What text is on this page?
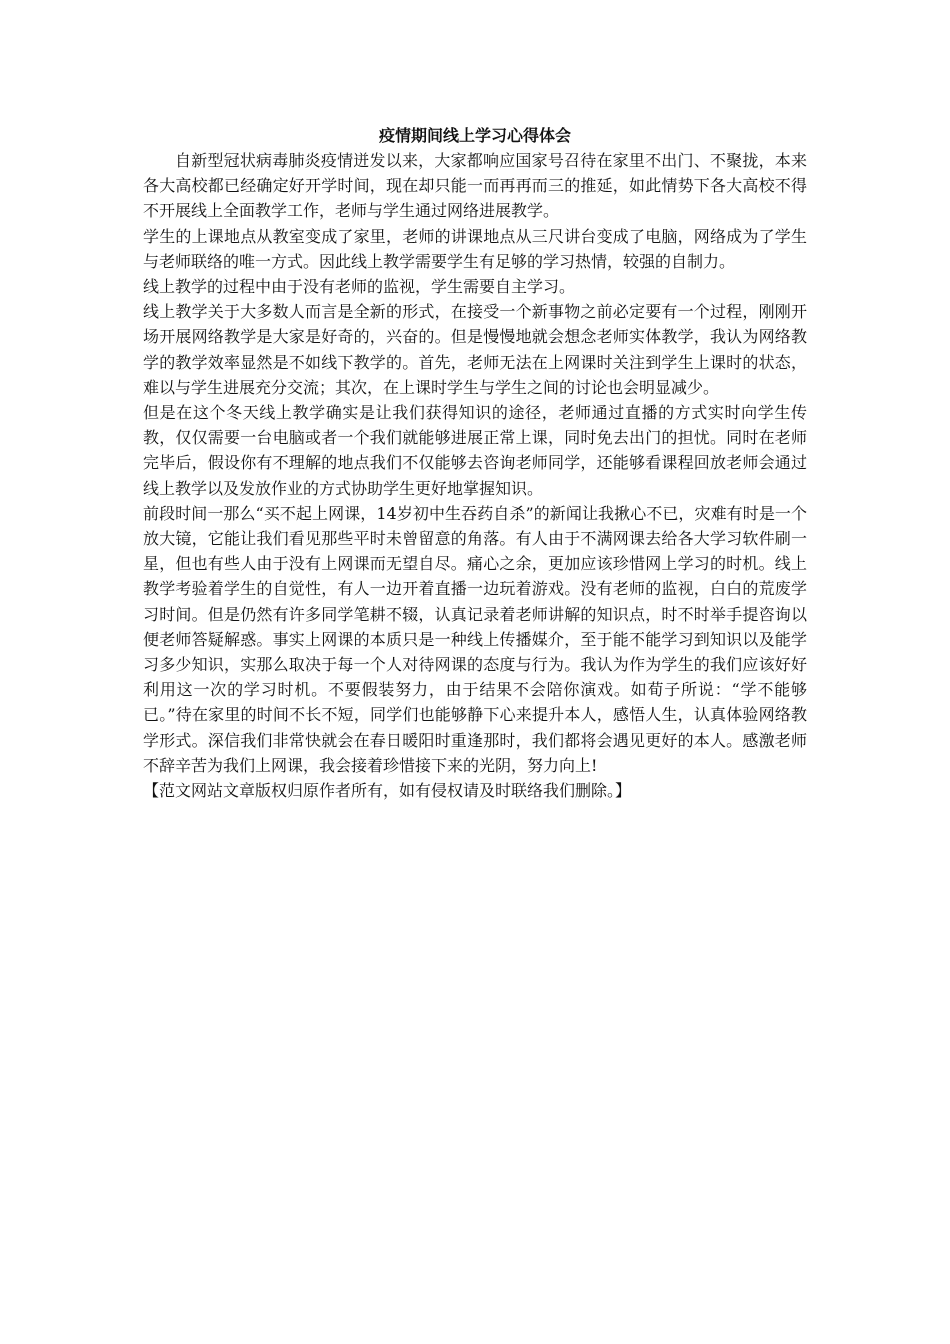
疫情期间线上学习心得体会

自新型冠状病毒肺炎疫情迸发以来，大家都响应国家号召待在家里不出门、不聚拢，本来各大高校都已经确定好开学时间，现在却只能一而再再而三的推延，如此情势下各大高校不得不开展线上全面教学工作，老师与学生通过网络进展教学。

学生的上课地点从教室变成了家里，老师的讲课地点从三尺讲台变成了电脑，网络成为了学生与老师联络的唯一方式。因此线上教学需要学生有足够的学习热情，较强的自制力。

线上教学的过程中由于没有老师的监视，学生需要自主学习。

线上教学关于大多数人而言是全新的形式，在接受一个新事物之前必定要有一个过程，刚刚开场开展网络教学是大家是好奇的，兴奋的。但是慢慢地就会想念老师实体教学，我认为网络教学的教学效率显然是不如线下教学的。首先，老师无法在上网课时关注到学生上课时的状态，难以与学生进展充分交流；其次，在上课时学生与学生之间的讨论也会明显减少。

但是在这个冬天线上教学确实是让我们获得知识的途径，老师通过直播的方式实时向学生传教，仅仅需要一台电脑或者一个我们就能够进展正常上课，同时免去出门的担忧。同时在老师完毕后，假设你有不理解的地点我们不仅能够去咨询老师同学，还能够看课程回放老师会通过线上教学以及发放作业的方式协助学生更好地掌握知识。

前段时间一那么“买不起上网课，14岁初中生吞药自杀”的新闻让我揪心不已，灾难有时是一个放大镜，它能让我们看见那些平时未曾留意的角落。有人由于不满网课去给各大学习软件刷一星，但也有些人由于没有上网课而无望自尽。痛心之余，更加应该珍惜网上学习的时机。线上教学考验着学生的自觉性，有人一边开着直播一边玩着游戏。没有老师的监视，白白的荒废学习时间。但是仍然有许多同学笔耕不辍，认真记录着老师讲解的知识点，时不时举手提咨询以便老师答疑解惑。事实上网课的本质只是一种线上传播媒介，至于能不能学习到知识以及能学习多少知识，实那么取决于每一个人对待网课的态度与行为。我认为作为学生的我们应该好好利用这一次的学习时机。不要假装努力，由于结果不会陪你演戏。如荀子所说：“学不能够已。”待在家里的时间不长不短，同学们也能够静下心来提升本人，感悟人生，认真体验网络教学形式。深信我们非常快就会在春日暖阳时重逢那时，我们都将会遇见更好的本人。感激老师不辞辛苦为我们上网课，我会接着珍惜接下来的光阴，努力向上!

【范文网站文章版权归原作者所有，如有侵权请及时联络我们删除。】
